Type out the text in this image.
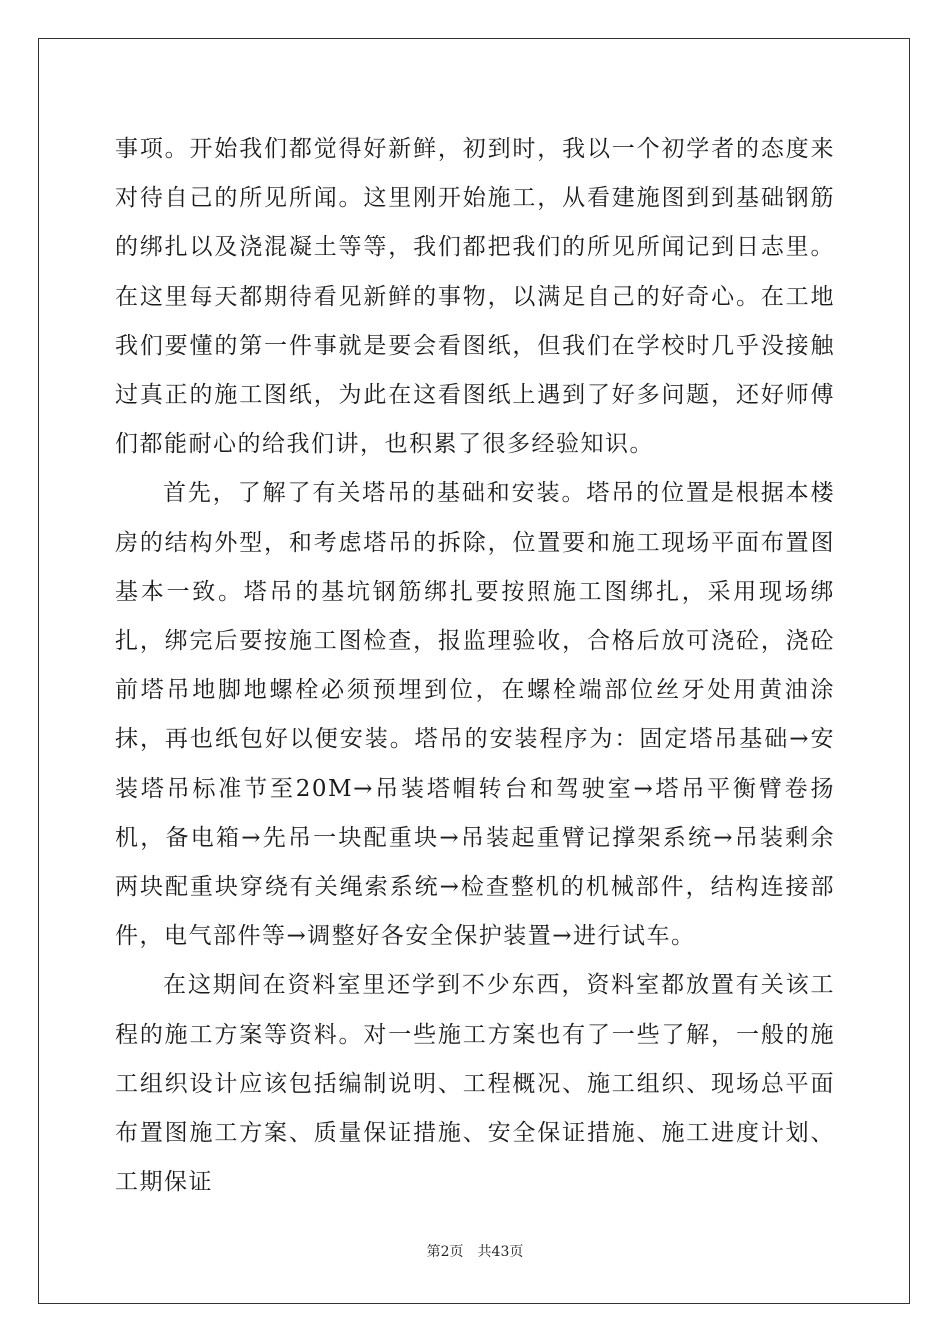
事项。开始我们都觉得好新鲜，初到时，我以一个初学者的态度来对待自己的所见所闻。这里刚开始施工，从看建施图到到基础钢筋的绑扎以及浇混凝土等等，我们都把我们的所见所闻记到日志里。在这里每天都期待看见新鲜的事物，以满足自己的好奇心。在工地我们要懂的第一件事就是要会看图纸，但我们在学校时几乎没接触过真正的施工图纸，为此在这看图纸上遇到了好多问题，还好师傅们都能耐心的给我们讲，也积累了很多经验知识。

首先，了解了有关塔吊的基础和安装。塔吊的位置是根据本楼房的结构外型，和考虑塔吊的拆除，位置要和施工现场平面布置图基本一致。塔吊的基坑钢筋绑扎要按照施工图绑扎，采用现场绑扎，绑完后要按施工图检查，报监理验收，合格后放可浇砼，浇砼前塔吊地脚地螺栓必须预埋到位，在螺栓端部位丝牙处用黄油涂抹，再也纸包好以便安装。塔吊的安装程序为：固定塔吊基础→安装塔吊标准节至20M→吊装塔帽转台和驾驶室→塔吊平衡臂卷扬机，备电箱→先吊一块配重块→吊装起重臂记撑架系统→吊装剩余两块配重块穿绕有关绳索系统→检查整机的机械部件，结构连接部件，电气部件等→调整好各安全保护装置→进行试车。

在这期间在资料室里还学到不少东西，资料室都放置有关该工程的施工方案等资料。对一些施工方案也有了一些了解，一般的施工组织设计应该包括编制说明、工程概况、施工组织、现场总平面布置图施工方案、质量保证措施、安全保证措施、施工进度计划、工期保证

第2页 共43页
